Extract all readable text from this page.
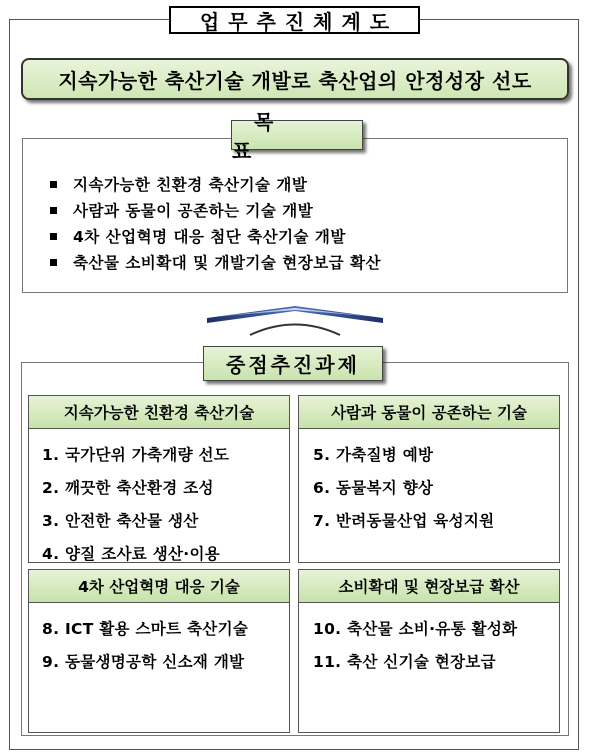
업무추진체계도
지속가능한 축산기술 개발로 축산업의 안정성장 선도
목
지속가능한 친환경 축산기술 개발
사람과 동물이 공존하는 기술 개발
4차 산업혁명 대응 첨단 축산기술 개발
축산물 소비확대 및 개발기술 현장보급 확산
중점추진과제
지속가능한 친환경 축산기술
1. 국가단위 가축개량 선도
2. 깨끗한 축산환경 조성
3. 안전한 축산물 생산
4. 양질 조사료 생산·이용
사람과 동물이 공존하는 기술
5. 가축질병 예방
6. 동물복지 향상
7. 반려동물산업 육성지원
4차 산업혁명 대응 기술
8. ICT 활용 스마트 축산기술
9. 동물생명공학 신소재 개발
소비확대 및 현장보급 확산
10. 축산물 소비·유통 활성화
11. 축산 신기술 현장보급
